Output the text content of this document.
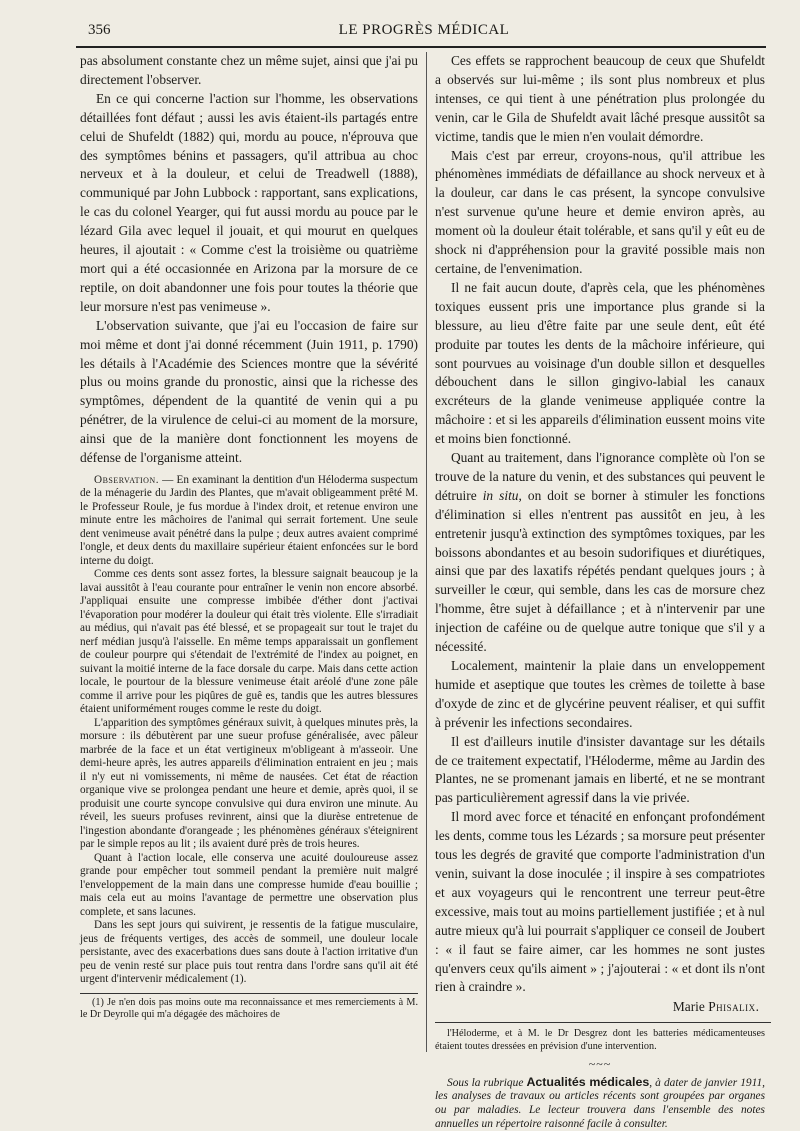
356	LE PROGRÈS MÉDICAL

pas absolument constante chez un même sujet, ainsi que j'ai pu directement l'observer.

En ce qui concerne l'action sur l'homme, les observations détaillées font défaut ; aussi les avis étaient-ils partagés entre celui de Shufeldt (1882) qui, mordu au pouce, n'éprouva que des symptômes bénins et passagers, qu'il attribua au choc nerveux et à la douleur, et celui de Treadwell (1888), communiqué par John Lubbock : rapportant, sans explications, le cas du colonel Yearger, qui fut aussi mordu au pouce par le lézard Gila avec lequel il jouait, et qui mourut en quelques heures, il ajoutait : « Comme c'est la troisième ou quatrième mort qui a été occasionnée en Arizona par la morsure de ce reptile, on doit abandonner une fois pour toutes la théorie que leur morsure n'est pas venimeuse ».

L'observation suivante, que j'ai eu l'occasion de faire sur moi même et dont j'ai donné récemment (Juin 1911, p. 1790) les détails à l'Académie des Sciences montre que la sévérité plus ou moins grande du pronostic, ainsi que la richesse des symptômes, dépendent de la quantité de venin qui a pu pénétrer, de la virulence de celui-ci au moment de la morsure, ainsi que de la manière dont fonctionnent les moyens de défense de l'organisme atteint.

Observation. — En examinant la dentition d'un Héloderma suspectum de la ménagerie du Jardin des Plantes, que m'avait obligeamment prêté M. le Professeur Roule, je fus mordue à l'index droit, et retenue environ une minute entre les mâchoires de l'animal qui serrait fortement. Une seule dent venimeuse avait pénétré dans la pulpe ; deux autres avaient comprimé l'ongle, et deux dents du maxillaire supérieur étaient enfoncées sur le bord interne du doigt.

Comme ces dents sont assez fortes, la blessure saignait beaucoup je la lavai aussitôt à l'eau courante pour entraîner le venin non encore absorbé. J'appliquai ensuite une compresse imbibée d'éther dont j'activai l'évaporation pour modérer la douleur qui était très violente. Elle s'irradiait au médius, qui n'avait pas été blessé, et se propageait sur tout le trajet du nerf médian jusqu'à l'aisselle. En même temps apparaissait un gonflement de couleur pourpre qui s'étendait de l'extrémité de l'index au poignet, en suivant la moitié interne de la face dorsale du carpe. Mais dans cette action locale, le pourtour de la blessure venimeuse était aréolé d'une zone pâle comme il arrive pour les piqûres de guê es, tandis que les autres blessures étaient uniformément rouges comme le reste du doigt.

L'apparition des symptômes généraux suivit, à quelques minutes près, la morsure : ils débutèrent par une sueur profuse généralisée, avec pâleur marbrée de la face et un état vertigineux m'obligeant à m'asseoir. Une demi-heure après, les autres appareils d'élimination entraient en jeu ; mais il n'y eut ni vomissements, ni même de nausées. Cet état de réaction organique vive se prolongea pendant une heure et demie, après quoi, il se produisit une courte syncope convulsive qui dura environ une minute. Au réveil, les sueurs profuses revinrent, ainsi que la diurèse entretenue de l'ingestion abondante d'orangeade ; les phénomènes généraux s'éteignirent par le simple repos au lit ; ils avaient duré près de trois heures.

Quant à l'action locale, elle conserva une acuité douloureuse assez grande pour empêcher tout sommeil pendant la première nuit malgré l'enveloppement de la main dans une compresse humide d'eau bouillie ; mais cela eut au moins l'avantage de permettre une observation plus complete, et sans lacunes.

Dans les sept jours qui suivirent, je ressentis de la fatigue musculaire, jeus de fréquents vertiges, des accès de sommeil, une douleur locale persistante, avec des exacerbations dues sans doute à l'action irritative d'un peu de venin resté sur place puis tout rentra dans l'ordre sans qu'il ait été urgent d'intervenir médicalement (1).

(1) Je n'en dois pas moins oute ma reconnaissance et mes remerciements à M. le Dr Deyrolle qui m'a dégagée des mâchoires de

Ces effets se rapprochent beaucoup de ceux que Shufeldt a observés sur lui-même ; ils sont plus nombreux et plus intenses, ce qui tient à une pénétration plus prolongée du venin, car le Gila de Shufeldt avait lâché presque aussitôt sa victime, tandis que le mien n'en voulait démordre.

Mais c'est par erreur, croyons-nous, qu'il attribue les phénomènes immédiats de défaillance au shock nerveux et à la douleur, car dans le cas présent, la syncope convulsive n'est survenue qu'une heure et demie environ après, au moment où la douleur était tolérable, et sans qu'il y eût eu de shock ni d'appréhension pour la gravité possible mais non certaine, de l'envenimation.

Il ne fait aucun doute, d'après cela, que les phénomènes toxiques eussent pris une importance plus grande si la blessure, au lieu d'être faite par une seule dent, eût été produite par toutes les dents de la mâchoire inférieure, qui sont pourvues au voisinage d'un double sillon et desquelles débouchent dans le sillon gingivo-labial les canaux excréteurs de la glande venimeuse appliquée contre la mâchoire : et si les appareils d'élimination eussent moins vite et moins bien fonctionné.

Quant au traitement, dans l'ignorance complète où l'on se trouve de la nature du venin, et des substances qui peuvent le détruire in situ, on doit se borner à stimuler les fonctions d'élimination si elles n'entrent pas aussitôt en jeu, à les entretenir jusqu'à extinction des symptômes toxiques, par les boissons abondantes et au besoin sudorifiques et diurétiques, ainsi que par des laxatifs répétés pendant quelques jours ; à surveiller le cœur, qui semble, dans les cas de morsure chez l'homme, être sujet à défaillance ; et à n'intervenir par une injection de caféine ou de quelque autre tonique que s'il y a nécessité.

Localement, maintenir la plaie dans un enveloppement humide et aseptique que toutes les crèmes de toilette à base d'oxyde de zinc et de glycérine peuvent réaliser, et qui suffit à prévenir les infections secondaires.

Il est d'ailleurs inutile d'insister davantage sur les détails de ce traitement expectatif, l'Héloderme, même au Jardin des Plantes, ne se promenant jamais en liberté, et ne se montrant pas particulièrement agressif dans la vie privée.

Il mord avec force et ténacité en enfonçant profondément les dents, comme tous les Lézards ; sa morsure peut présenter tous les degrés de gravité que comporte l'administration d'un venin, suivant la dose inoculée ; il inspire à ses compatriotes et aux voyageurs qui le rencontrent une terreur peut-être excessive, mais tout au moins partiellement justifiée ; et à nul autre mieux qu'à lui pourrait s'appliquer ce conseil de Joubert : « il faut se faire aimer, car les hommes ne sont justes qu'envers ceux qu'ils aiment » ; j'ajouterai : « et dont ils n'ont rien à craindre ».

Marie Phisalix.

l'Héloderme, et à M. le Dr Desgrez dont les batteries médicamenteuses étaient toutes dressées en prévision d'une intervention.

~~~

Sous la rubrique Actualités médicales, à dater de janvier 1911, les analyses de travaux ou articles récents sont groupées par organes ou par maladies. Le lecteur trouvera dans l'ensemble des notes annuelles un répertoire raisonné facile à consulter.
